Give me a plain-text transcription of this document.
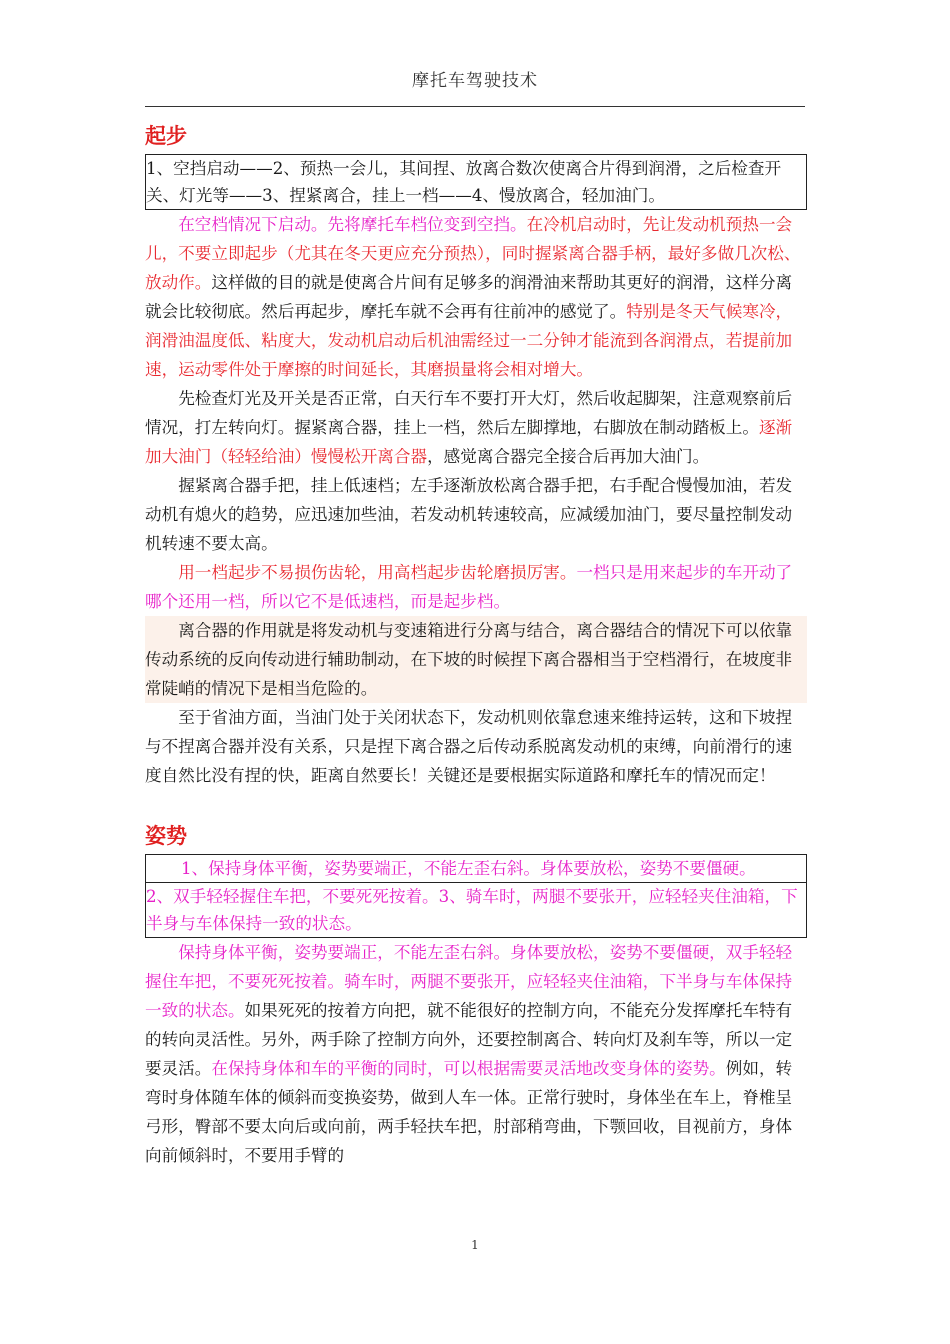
摩托车驾驶技术
起步
1、空挡启动——2、预热一会儿，其间捏、放离合数次使离合片得到润滑，之后检查开关、灯光等——3、捏紧离合，挂上一档——4、慢放离合，轻加油门。

在空档情况下启动。先将摩托车档位变到空挡。在冷机启动时，先让发动机预热一会儿，不要立即起步（尤其在冬天更应充分预热），同时握紧离合器手柄，最好多做几次松、放动作。这样做的目的就是使离合片间有足够多的润滑油来帮助其更好的润滑，这样分离就会比较彻底。然后再起步，摩托车就不会再有往前冲的感觉了。特别是冬天气候寒冷，润滑油温度低、粘度大，发动机启动后机油需经过一二分钟才能流到各润滑点，若提前加速，运动零件处于摩擦的时间延长，其磨损量将会相对增大。

先检查灯光及开关是否正常，白天行车不要打开大灯，然后收起脚架，注意观察前后情况，打左转向灯。握紧离合器，挂上一档，然后左脚撑地，右脚放在制动踏板上。逐渐加大油门（轻轻给油）慢慢松开离合器，感觉离合器完全接合后再加大油门。

握紧离合器手把，挂上低速档；左手逐渐放松离合器手把，右手配合慢慢加油，若发动机有熄火的趋势，应迅速加些油，若发动机转速较高，应减缓加油门，要尽量控制发动机转速不要太高。

用一档起步不易损伤齿轮，用高档起步齿轮磨损厉害。一档只是用来起步的车开动了哪个还用一档，所以它不是低速档，而是起步档。

离合器的作用就是将发动机与变速箱进行分离与结合，离合器结合的情况下可以依靠传动系统的反向传动进行辅助制动，在下坡的时候捏下离合器相当于空档滑行，在坡度非常陡峭的情况下是相当危险的。

至于省油方面，当油门处于关闭状态下，发动机则依靠怠速来维持运转，这和下坡捏与不捏离合器并没有关系，只是捏下离合器之后传动系脱离发动机的束缚，向前滑行的速度自然比没有捏的快，距离自然要长！关键还是要根据实际道路和摩托车的情况而定！

姿势
1、保持身体平衡，姿势要端正，不能左歪右斜。身体要放松，姿势不要僵硬。
2、双手轻轻握住车把，不要死死按着。3、骑车时，两腿不要张开，应轻轻夹住油箱，下半身与车体保持一致的状态。

保持身体平衡，姿势要端正，不能左歪右斜。身体要放松，姿势不要僵硬，双手轻轻握住车把，不要死死按着。骑车时，两腿不要张开，应轻轻夹住油箱，下半身与车体保持一致的状态。如果死死的按着方向把，就不能很好的控制方向，不能充分发挥摩托车特有的转向灵活性。另外，两手除了控制方向外，还要控制离合、转向灯及刹车等，所以一定要灵活。在保持身体和车的平衡的同时，可以根据需要灵活地改变身体的姿势。例如，转弯时身体随车体的倾斜而变换姿势，做到人车一体。正常行驶时，身体坐在车上，脊椎呈弓形，臀部不要太向后或向前，两手轻扶车把，肘部稍弯曲，下颚回收，目视前方，身体向前倾斜时，不要用手臂的

1
